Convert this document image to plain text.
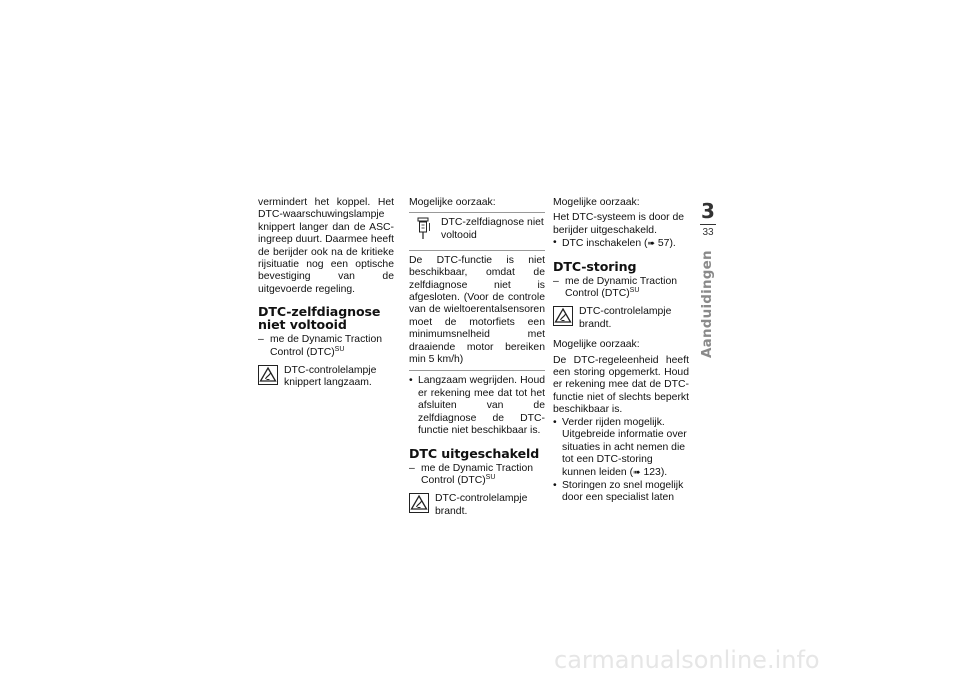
vermindert het koppel. Het DTC-waarschuwingslampje knippert langer dan de ASC-ingreep duurt. Daarmee heeft de berijder ook na de kritieke rijsituatie nog een optische bevestiging van de uitgevoerde regeling.

DTC-zelfdiagnose niet voltooid
– me de Dynamic Traction Control (DTC)$^{SU}$
DTC-controlelampje knippert langzaam.

Mogelijke oorzaak:

DTC-zelfdiagnose niet voltooid
De DTC-functie is niet beschikbaar, omdat de zelfdiagnose niet is afgesloten. (Voor de controle van de wieltoerentalsensoren moet de motorfiets een minimumsnelheid met draaiende motor bereiken min 5 km/h)
• Langzaam wegrijden. Houd er rekening mee dat tot het afsluiten van de zelfdiagnose de DTC-functie niet beschikbaar is.
DTC uitgeschakeld
– me de Dynamic Traction Control (DTC)$^{SU}$
DTC-controlelampje brandt.

Mogelijke oorzaak:

Het DTC-systeem is door de berijder uitgeschakeld.

• DTC inschakelen (➠ 57).
DTC-storing
– me de Dynamic Traction Control (DTC)$^{SU}$
DTC-controlelampje brandt.

Mogelijke oorzaak:

De DTC-regeleenheid heeft een storing opgemerkt. Houd er rekening mee dat de DTC-functie niet of slechts beperkt beschikbaar is.

• Verder rijden mogelijk. Uitgebreide informatie over situaties in acht nemen die tot een DTC-storing kunnen leiden (➠ 123).
• Storingen zo snel mogelijk door een specialist laten
3
33
Aanduidingen
carmanualsonline.info
